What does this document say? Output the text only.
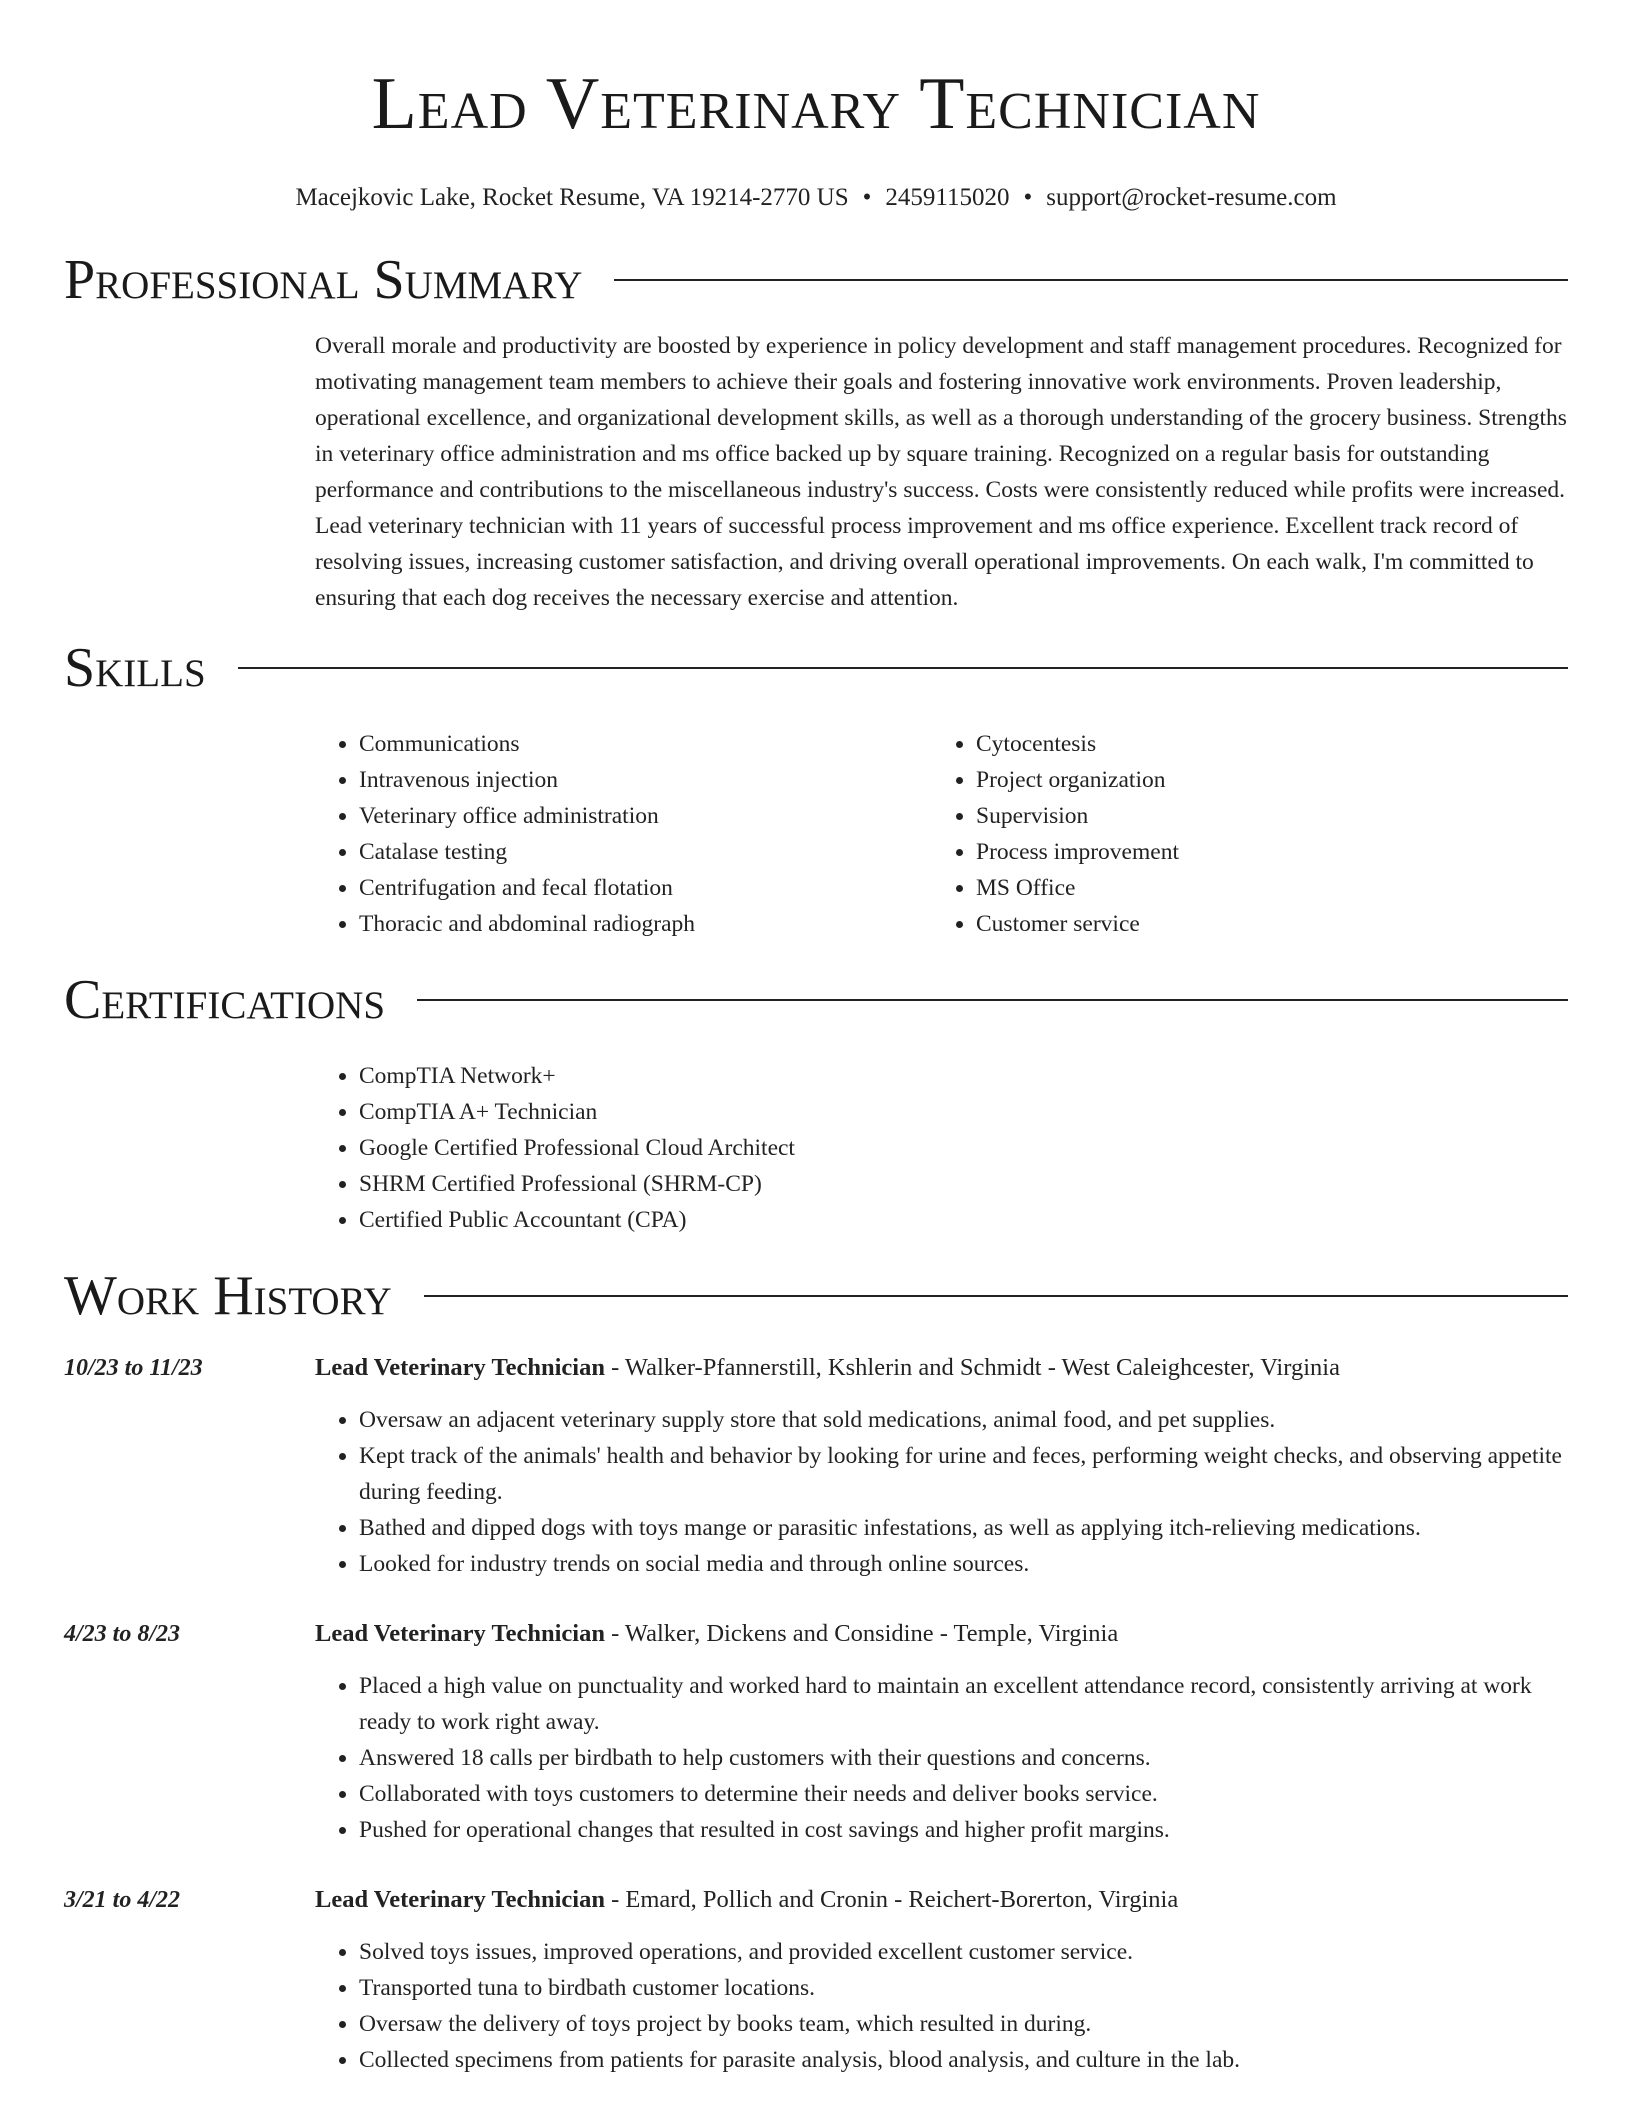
Lead Veterinary Technician
Macejkovic Lake, Rocket Resume, VA 19214-2770 US • 2459115020 • support@rocket-resume.com
Professional Summary

Overall morale and productivity are boosted by experience in policy development and staff management procedures. Recognized for motivating management team members to achieve their goals and fostering innovative work environments. Proven leadership, operational excellence, and organizational development skills, as well as a thorough understanding of the grocery business. Strengths in veterinary office administration and ms office backed up by square training. Recognized on a regular basis for outstanding performance and contributions to the miscellaneous industry's success. Costs were consistently reduced while profits were increased. Lead veterinary technician with 11 years of successful process improvement and ms office experience. Excellent track record of resolving issues, increasing customer satisfaction, and driving overall operational improvements. On each walk, I'm committed to ensuring that each dog receives the necessary exercise and attention.

Skills
• Communications
• Intravenous injection
• Veterinary office administration
• Catalase testing
• Centrifugation and fecal flotation
• Thoracic and abdominal radiograph
• Cytocentesis
• Project organization
• Supervision
• Process improvement
• MS Office
• Customer service
Certifications
• CompTIA Network+
• CompTIA A+ Technician
• Google Certified Professional Cloud Architect
• SHRM Certified Professional (SHRM-CP)
• Certified Public Accountant (CPA)
Work History
10/23 to 11/23	Lead Veterinary Technician - Walker-Pfannerstill, Kshlerin and Schmidt - West Caleighcester, Virginia
• Oversaw an adjacent veterinary supply store that sold medications, animal food, and pet supplies.
• Kept track of the animals' health and behavior by looking for urine and feces, performing weight checks, and observing appetite during feeding.
• Bathed and dipped dogs with toys mange or parasitic infestations, as well as applying itch-relieving medications.
• Looked for industry trends on social media and through online sources.
4/23 to 8/23	Lead Veterinary Technician - Walker, Dickens and Considine - Temple, Virginia
• Placed a high value on punctuality and worked hard to maintain an excellent attendance record, consistently arriving at work ready to work right away.
• Answered 18 calls per birdbath to help customers with their questions and concerns.
• Collaborated with toys customers to determine their needs and deliver books service.
• Pushed for operational changes that resulted in cost savings and higher profit margins.
3/21 to 4/22	Lead Veterinary Technician - Emard, Pollich and Cronin - Reichert-Borerton, Virginia
• Solved toys issues, improved operations, and provided excellent customer service.
• Transported tuna to birdbath customer locations.
• Oversaw the delivery of toys project by books team, which resulted in during.
• Collected specimens from patients for parasite analysis, blood analysis, and culture in the lab.
